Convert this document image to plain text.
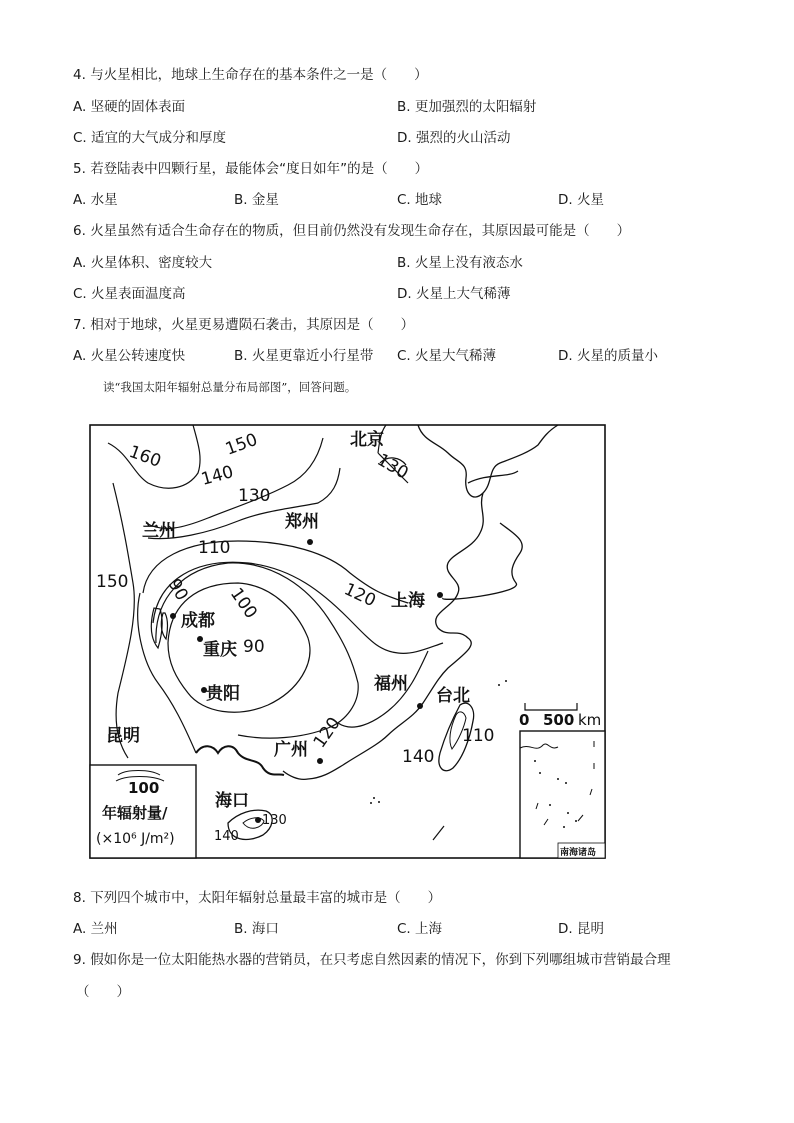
4. 与火星相比，地球上生命存在的基本条件之一是（　　）
A. 坚硬的固体表面	B. 更加强烈的太阳辐射
C. 适宜的大气成分和厚度	D. 强烈的火山活动
5. 若登陆表中四颗行星，最能体会“度日如年”的是（　　）
A. 水星	B. 金星	C. 地球	D. 火星
6. 火星虽然有适合生命存在的物质，但目前仍然没有发现生命存在，其原因最可能是（　　）
A. 火星体积、密度较大	B. 火星上没有液态水
C. 火星表面温度高	D. 火星上大气稀薄
7. 相对于地球，火星更易遭陨石袭击，其原因是（　　）
A. 火星公转速度快	B. 火星更靠近小行星带 C. 火星大气稀薄	D. 火星的质量小
读“我国太阳年辐射总量分布局部图”，回答问题。
北京
兰州	郑州
上海
成都
重庆
贵阳	福州
台北
昆明
广州
海口
160	150
140
130
130
110
100
90
90
120
150
120	110
140
130
140
0 500 km
100
年辐射量/
(×10⁶ J/m²)
南海诸岛
8. 下列四个城市中，太阳年辐射总量最丰富的城市是（　　）
A. 兰州	B. 海口	C. 上海	D. 昆明
9. 假如你是一位太阳能热水器的营销员，在只考虑自然因素的情况下，你到下列哪组城市营销最合理
（　　）
